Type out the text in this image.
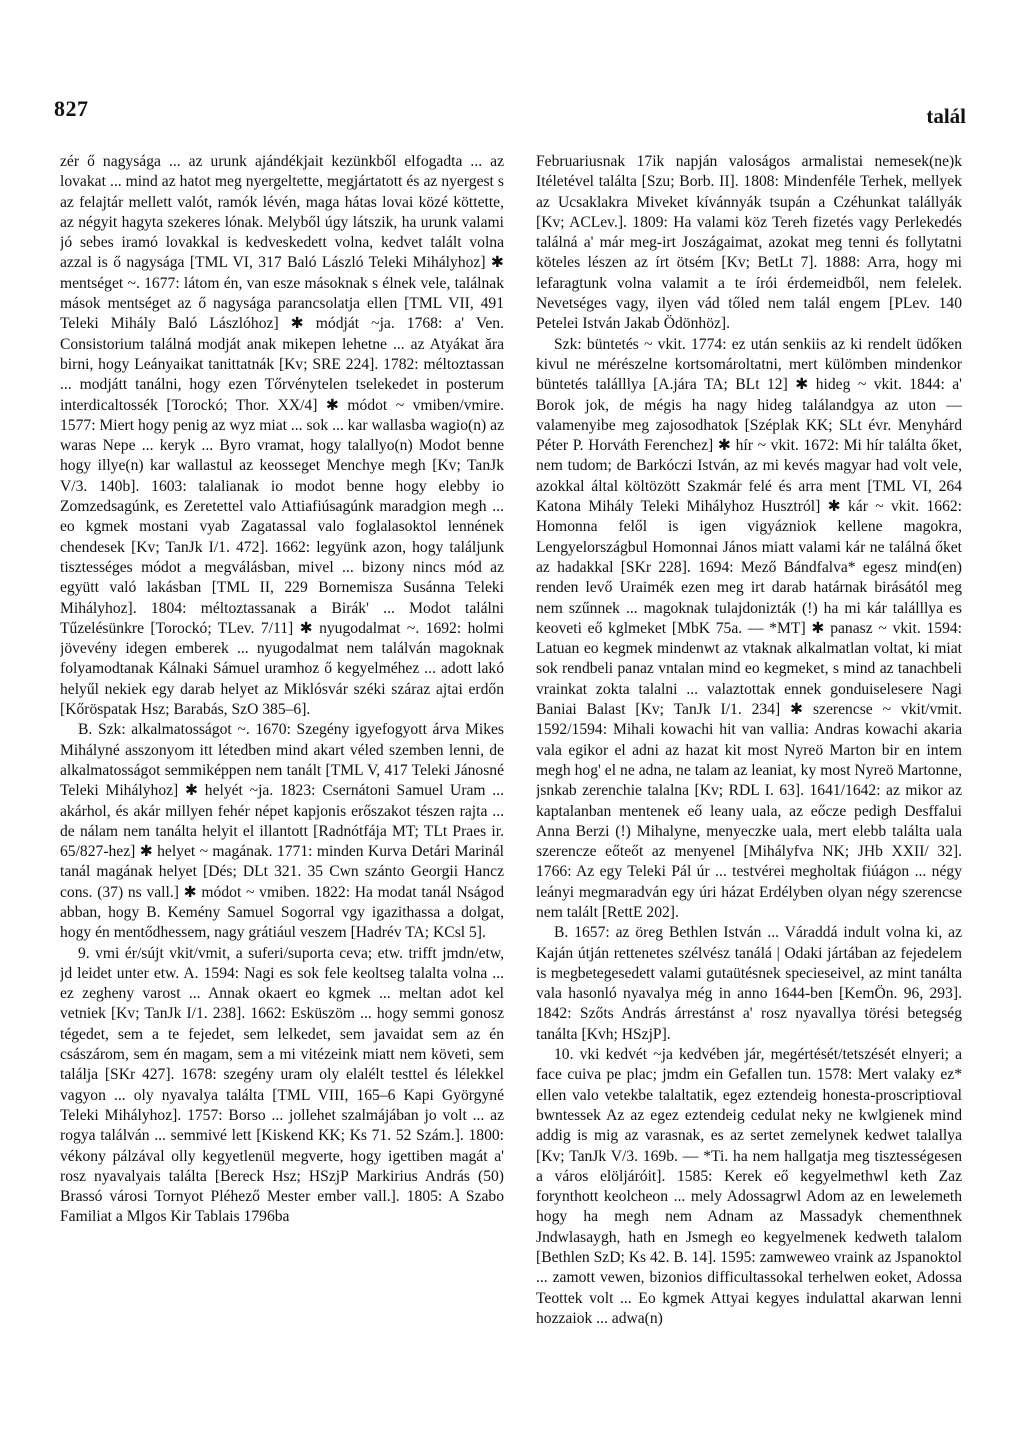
827	talál

zér ő nagysága ... az urunk ajándékjait kezünkből elfogadta ... az lovakat ... mind az hatot meg nyergeltette, megjártatott és az nyergest s az felajtár mellett valót, ramók lévén, maga hátas lovai közé köttette, az négyit hagyta szekeres lónak. Melyből úgy látszik, ha urunk valami jó sebes iramó lovakkal is kedveskedett volna, kedvet talált volna azzal is ő nagysága [TML VI, 317 Baló László Teleki Mihályhoz] ✱ mentséget ~. 1677: látom én, van esze másoknak s élnek vele, találnak mások mentséget az ő nagysága parancsolatja ellen [TML VII, 491 Teleki Mihály Baló Lászlóhoz] ✱ módját ~ja. 1768: a' Ven. Consistorium találná modját anak mikepen lehetne ... az Atyákat ăra birni, hogy Leányaikat tanittatnák [Kv; SRE 224]. 1782: méltoztassan ... modjátt tanálni, hogy ezen Tőrvénytelen tselekedet in posterum interdicaltossék [Torockó; Thor. XX/4] ✱ módot ~ vmiben/vmire. 1577: Miert hogy penig az wyz miat ... sok ... kar wallasba wagio(n) az waras Nepe ... keryk ... Byro vramat, hogy talallyo(n) Modot benne hogy illye(n) kar wallastul az keosseget Menchye megh [Kv; TanJk V/3. 140b]. 1603: talalianak io modot benne hogy elebby io Zomzedsagúnk, es Zeretettel valo Attiafiúsagúnk maradgion megh ... eo kgmek mostani vyab Zagatassal valo foglalasoktol lennének chendesek [Kv; TanJk I/1. 472]. 1662: legyünk azon, hogy találjunk tisztességes módot a megválásban, mivel ... bizony nincs mód az együtt való lakásban [TML II, 229 Bornemisza Susánna Teleki Mihályhoz]. 1804: méltoztassanak a Birák' ... Modot találni Tűzelésünkre [Torockó; TLev. 7/11] ✱ nyugodalmat ~. 1692: holmi jövevény idegen emberek ... nyugodalmat nem találván magoknak folyamodtanak Kálnaki Sámuel uramhoz ő kegyelméhez ... adott lakó helyűl nekiek egy darab helyet az Miklósvár széki száraz ajtai erdőn [Kőröspatak Hsz; Barabás, SzO 385–6].

B. Szk: alkalmatosságot ~. 1670: Szegény igyefogyott árva Mikes Mihályné asszonyom itt létedben mind akart véled szemben lenni, de alkalmatosságot semmiképpen nem tanált [TML V, 417 Teleki Jánosné Teleki Mihályhoz] ✱ helyét ~ja. 1823: Csernátoni Samuel Uram ... akárhol, és akár millyen fehér népet kapjonis erőszakot tészen rajta ... de nálam nem tanálta helyit el illantott [Radnótfája MT; TLt Praes ir. 65/827-hez] ✱ helyet ~ magának. 1771: minden Kurva Detári Marinál tanál magának helyet [Dés; DLt 321. 35 Cwn szánto Georgii Hancz cons. (37) ns vall.] ✱ módot ~ vmiben. 1822: Ha modat tanál Nságod abban, hogy B. Kemény Samuel Sogorral vgy igazithassa a dolgat, hogy én mentődhessem, nagy grátiául veszem [Hadrév TA; KCsl 5].

9. vmi ér/sújt vkit/vmit, a suferi/suporta ceva; etw. trifft jmdn/etw, jd leidet unter etw. A. 1594: Nagi es sok fele keoltseg talalta volna ... ez zegheny varost ... Annak okaert eo kgmek ... meltan adot kel vetniek [Kv; TanJk I/1. 238]. 1662: Esküszöm ... hogy semmi gonosz tégedet, sem a te fejedet, sem lelkedet, sem javaidat sem az én császárom, sem én magam, sem a mi vitézeink miatt nem követi, sem találja [SKr 427]. 1678: szegény uram oly elalélt testtel és lélekkel vagyon ... oly nyavalya találta [TML VIII, 165–6 Kapi Györgyné Teleki Mihályhoz]. 1757: Borso ... jollehet szalmájában jo volt ... az rogya találván ... semmivé lett [Kiskend KK; Ks 71. 52 Szám.]. 1800: vékony pálzával olly kegyetlenül megverte, hogy igettiben magát a' rosz nyavalyais találta [Bereck Hsz; HSzjP Markirius András (50) Brassó városi Tornyot Pléhező Mester ember vall.]. 1805: A Szabo Familiat a Mlgos Kir Tablais 1796ba

Februariusnak 17ik napján valoságos armalistai nemesek(ne)k Itéletével találta [Szu; Borb. II]. 1808: Mindenféle Terhek, mellyek az Ucsaklakra Miveket kívánnyák tsupán a Czéhunkat talállyák [Kv; ACLev.]. 1809: Ha valami köz Tereh fizetés vagy Perlekedés találná a' már meg-irt Joszágaimat, azokat meg tenni és follytatni köteles lészen az írt ötsém [Kv; BetLt 7]. 1888: Arra, hogy mi lefaragtunk volna valamit a te írói érdemeidből, nem felelek. Nevetséges vagy, ilyen vád tőled nem talál engem [PLev. 140 Petelei István Jakab Ödönhöz].

Szk: büntetés ~ vkit. 1774: ez után senkiis az ki rendelt üdőken kivul ne mérészelne kortsomároltatni, mert külömben mindenkor büntetés találllya [A.jára TA; BLt 12] ✱ hideg ~ vkit. 1844: a' Borok jok, de mégis ha nagy hideg találandgya az uton — valamenyibe meg zajosodhatok [Széplak KK; SLt évr. Menyhárd Péter P. Horváth Ferenchez] ✱ hír ~ vkit. 1672: Mi hír találta őket, nem tudom; de Barkóczi István, az mi kevés magyar had volt vele, azokkal által költözött Szakmár felé és arra ment [TML VI, 264 Katona Mihály Teleki Mihályhoz Husztról] ✱ kár ~ vkit. 1662: Homonna felől is igen vigyázniok kellene magokra, Lengyelországbul Homonnai János miatt valami kár ne találná őket az hadakkal [SKr 228]. 1694: Mező Bándfalva* egesz mind(en) renden levő Uraimék ezen meg irt darab határnak birásától meg nem szűnnek ... magoknak tulajdonizták (!) ha mi kár találllya es keoveti eő kglmeket [MbK 75a. — *MT] ✱ panasz ~ vkit. 1594: Latuan eo kegmek mindenwt az vtaknak alkalmatlan voltat, ki miat sok rendbeli panaz vntalan mind eo kegmeket, s mind az tanachbeli vrainkat zokta talalni ... valaztottak ennek gonduiselesere Nagi Baniai Balast [Kv; TanJk I/1. 234] ✱ szerencse ~ vkit/vmit. 1592/1594: Mihali kowachi hit van vallia: Andras kowachi akaria vala egikor el adni az hazat kit most Nyreö Marton bir en intem megh hog' el ne adna, ne talam az leaniat, ky most Nyreö Martonne, jsnkab zerenchie talalna [Kv; RDL I. 63]. 1641/1642: az mikor az kaptalanban mentenek eő leany uala, az eőcze pedigh Desffalui Anna Berzi (!) Mihalyne, menyeczke uala, mert elebb találta uala szerencze eőteőt az menyenel [Mihályfva NK; JHb XXII/ 32]. 1766: Az egy Teleki Pál úr ... testvérei megholtak fiúágon ... négy leányi megmaradván egy úri házat Erdélyben olyan négy szerencse nem talált [RettE 202].

B. 1657: az öreg Bethlen István ... Váraddá indult volna ki, az Kaján útján rettenetes szélvész tanálá | Odaki jártában az fejedelem is megbetegesedett valami gutaütésnek specieseivel, az mint tanálta vala hasonló nyavalya még in anno 1644-ben [KemÖn. 96, 293]. 1842: Szőts András árrestánst a' rosz nyavallya törési betegség tanálta [Kvh; HSzjP].

10. vki kedvét ~ja kedvében jár, megértését/tetszését elnyeri; a face cuiva pe plac; jmdm ein Gefallen tun. 1578: Mert valaky ez* ellen valo vetekbe talaltatik, egez eztendeig honesta-proscriptioval bwntessek Az az egez eztendeig cedulat neky ne kwlgienek mind addig is mig az varasnak, es az sertet zemelynek kedwet talallya [Kv; TanJk V/3. 169b. — *Ti. ha nem hallgatja meg tisztességesen a város elöljáróit]. 1585: Kerek eő kegyelmethwl keth Zaz forynthott keolcheon ... mely Adossagrwl Adom az en lewelemeth hogy ha megh nem Adnam az Massadyk chementhnek Jndwlasaygh, hath en Jsmegh eo kegyelmenek kedweth talalom [Bethlen SzD; Ks 42. B. 14]. 1595: zamweweo vraink az Jspanoktol ... zamott vewen, bizonios difficultassokal terhelwen eoket, Adossa Teottek volt ... Eo kgmek Attyai kegyes indulattal akarwan lenni hozzaiok ... adwa(n)
